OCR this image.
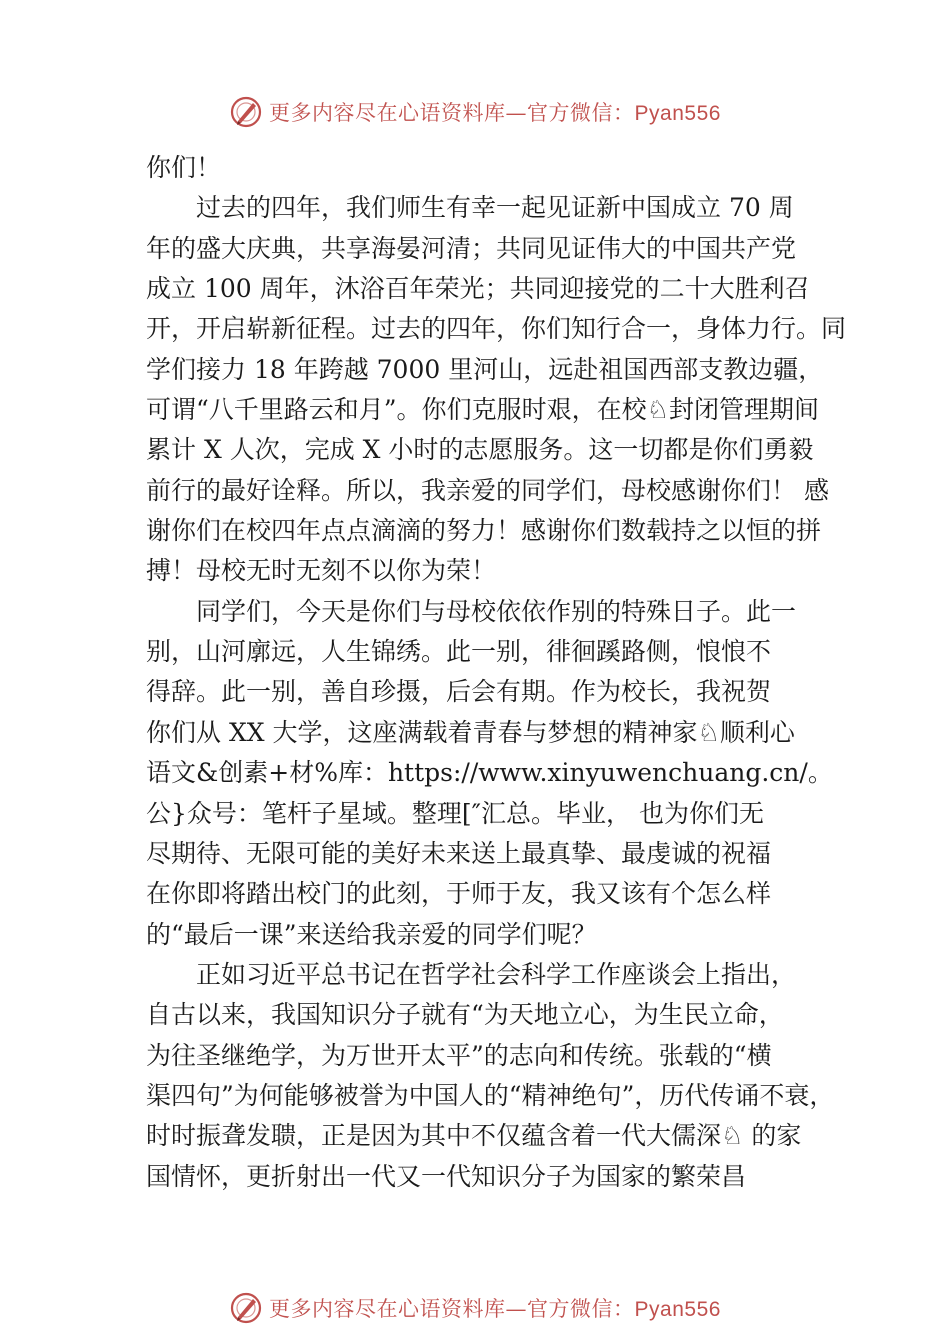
更多内容尽在心语资料库—官方微信：Pyan556
你们！
过去的四年，我们师生有幸一起见证新中国成立 70 周
年的盛大庆典，共享海晏河清；共同见证伟大的中国共产党
成立 100 周年，沐浴百年荣光；共同迎接党的二十大胜利召
开，开启崭新征程。过去的四年，你们知行合一，身体力行。同
学们接力 18 年跨越 7000 里河山，远赴祖国西部支教边疆，
可谓“八千里路云和月”。你们克服时艰，在校♘封闭管理期间
累计 X 人次，完成 X 小时的志愿服务。这一切都是你们勇毅
前行的最好诠释。所以，我亲爱的同学们，母校感谢你们！ 感
谢你们在校四年点点滴滴的努力！感谢你们数载持之以恒的拼
搏！母校无时无刻不以你为荣！
同学们，今天是你们与母校依依作别的特殊日子。此一
别，山河廓远，人生锦绣。此一别，徘徊蹊路侧，悢悢不
得辞。此一别，善自珍摄，后会有期。作为校长，我祝贺
你们从 XX 大学，这座满载着青春与梦想的精神家♘顺利心
语文&创素+材%库：https://www.xinyuwenchuang.cn/。
公}众号：笔杆子星域。整理[″汇总。毕业， 也为你们无
尽期待、无限可能的美好未来送上最真挚、最虔诚的祝福
在你即将踏出校门的此刻，于师于友，我又该有个怎么样
的“最后一课”来送给我亲爱的同学们呢？
正如习近平总书记在哲学社会科学工作座谈会上指出，
自古以来，我国知识分子就有“为天地立心，为生民立命，
为往圣继绝学，为万世开太平”的志向和传统。张载的“横
渠四句”为何能够被誉为中国人的“精神绝句”，历代传诵不衰，
时时振聋发聩，正是因为其中不仅蕴含着一代大儒深♘ 的家
国情怀，更折射出一代又一代知识分子为国家的繁荣昌
更多内容尽在心语资料库—官方微信：Pyan556
